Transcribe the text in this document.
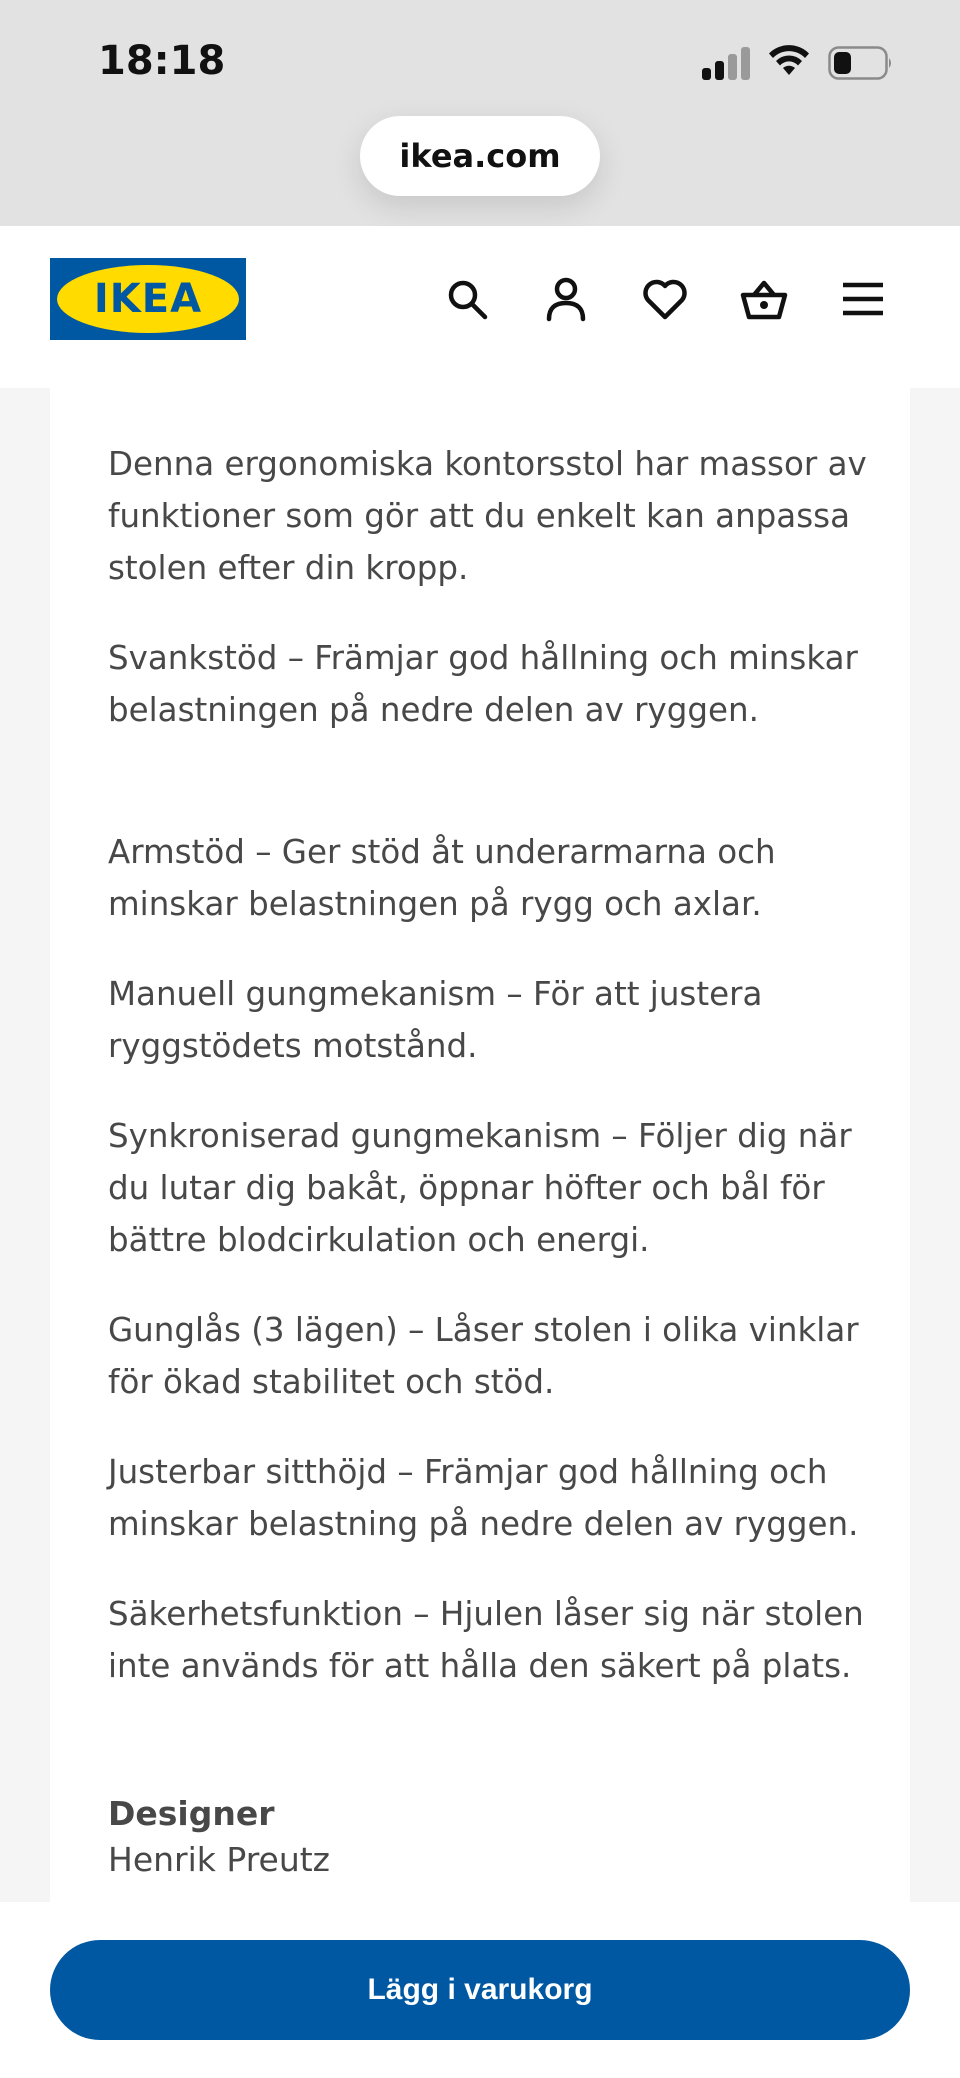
18:18
ikea.com
IKEA

Denna ergonomiska kontorsstol har massor av funktioner som gör att du enkelt kan anpassa stolen efter din kropp.

Svankstöd – Främjar god hållning och minskar belastningen på nedre delen av ryggen.

Armstöd – Ger stöd åt underarmarna och minskar belastningen på rygg och axlar.

Manuell gungmekanism – För att justera ryggstödets motstånd.

Synkroniserad gungmekanism – Följer dig när du lutar dig bakåt, öppnar höfter och bål för bättre blodcirkulation och energi.

Gunglås (3 lägen) – Låser stolen i olika vinklar för ökad stabilitet och stöd.

Justerbar sitthöjd – Främjar god hållning och minskar belastning på nedre delen av ryggen.

Säkerhetsfunktion – Hjulen låser sig när stolen inte används för att hålla den säkert på plats.

Designer
Henrik Preutz
Lägg i varukorg
